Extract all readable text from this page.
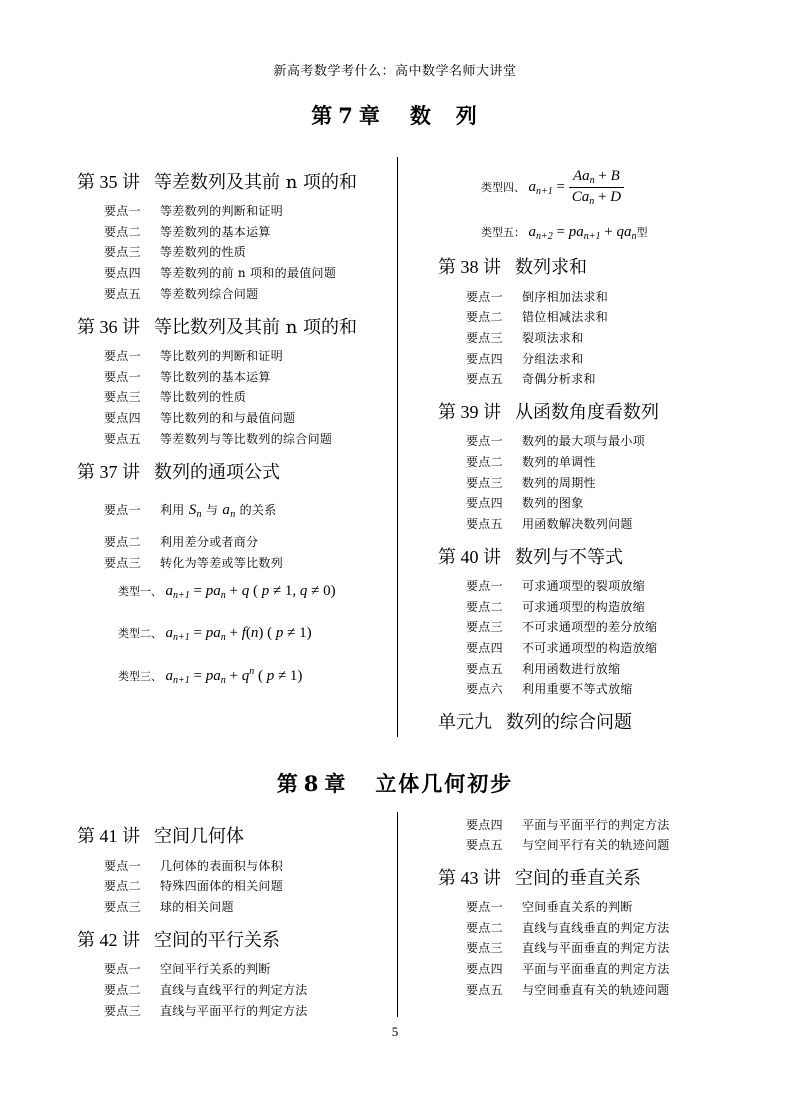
新高考数学考什么：高中数学名师大讲堂
第 7 章 数　列
第 35 讲 等差数列及其前 n 项的和
要点一 等差数列的判断和证明
要点二 等差数列的基本运算
要点三 等差数列的性质
要点四 等差数列的前 n 项和的最值问题
要点五 等差数列综合问题
第 36 讲 等比数列及其前 n 项的和
要点一 等比数列的判断和证明
要点一 等比数列的基本运算
要点三 等比数列的性质
要点四 等比数列的和与最值问题
要点五 等差数列与等比数列的综合问题
第 37 讲 数列的通项公式
要点一 利用 $S_n$ 与 $a_n$ 的关系
要点二 利用差分或者商分
要点三 转化为等差或等比数列
类型一、 $a_{n+1} = pa_n + q$ ( p ≠ 1, q ≠ 0)
类型二、 $a_{n+1} = pa_n + f(n)$ ( p ≠ 1)
类型三、 $a_{n+1} = pa_n + q^n$ ( p ≠ 1)
类型四、 $a_{n+1} = \frac{Aa_n + B}{Ca_n + D}$
类型五： $a_{n+2} = pa_{n+1} + qa_n$型
第 38 讲 数列求和
要点一 倒序相加法求和
要点二 错位相减法求和
要点三 裂项法求和
要点四 分组法求和
要点五 奇偶分析求和
第 39 讲 从函数角度看数列
要点一 数列的最大项与最小项
要点二 数列的单调性
要点三 数列的周期性
要点四 数列的图象
要点五 用函数解决数列问题
第 40 讲 数列与不等式
要点一 可求通项型的裂项放缩
要点二 可求通项型的构造放缩
要点三 不可求通项型的差分放缩
要点四 不可求通项型的构造放缩
要点五 利用函数进行放缩
要点六 利用重要不等式放缩
单元九 数列的综合问题
第 8 章 立体几何初步
第 41 讲 空间几何体
要点一 几何体的表面积与体积
要点二 特殊四面体的相关问题
要点三 球的相关问题
第 42 讲 空间的平行关系
要点一 空间平行关系的判断
要点二 直线与直线平行的判定方法
要点三 直线与平面平行的判定方法
要点四 平面与平面平行的判定方法
要点五 与空间平行有关的轨迹问题
第 43 讲 空间的垂直关系
要点一 空间垂直关系的判断
要点二 直线与直线垂直的判定方法
要点三 直线与平面垂直的判定方法
要点四 平面与平面垂直的判定方法
要点五 与空间垂直有关的轨迹问题
5
